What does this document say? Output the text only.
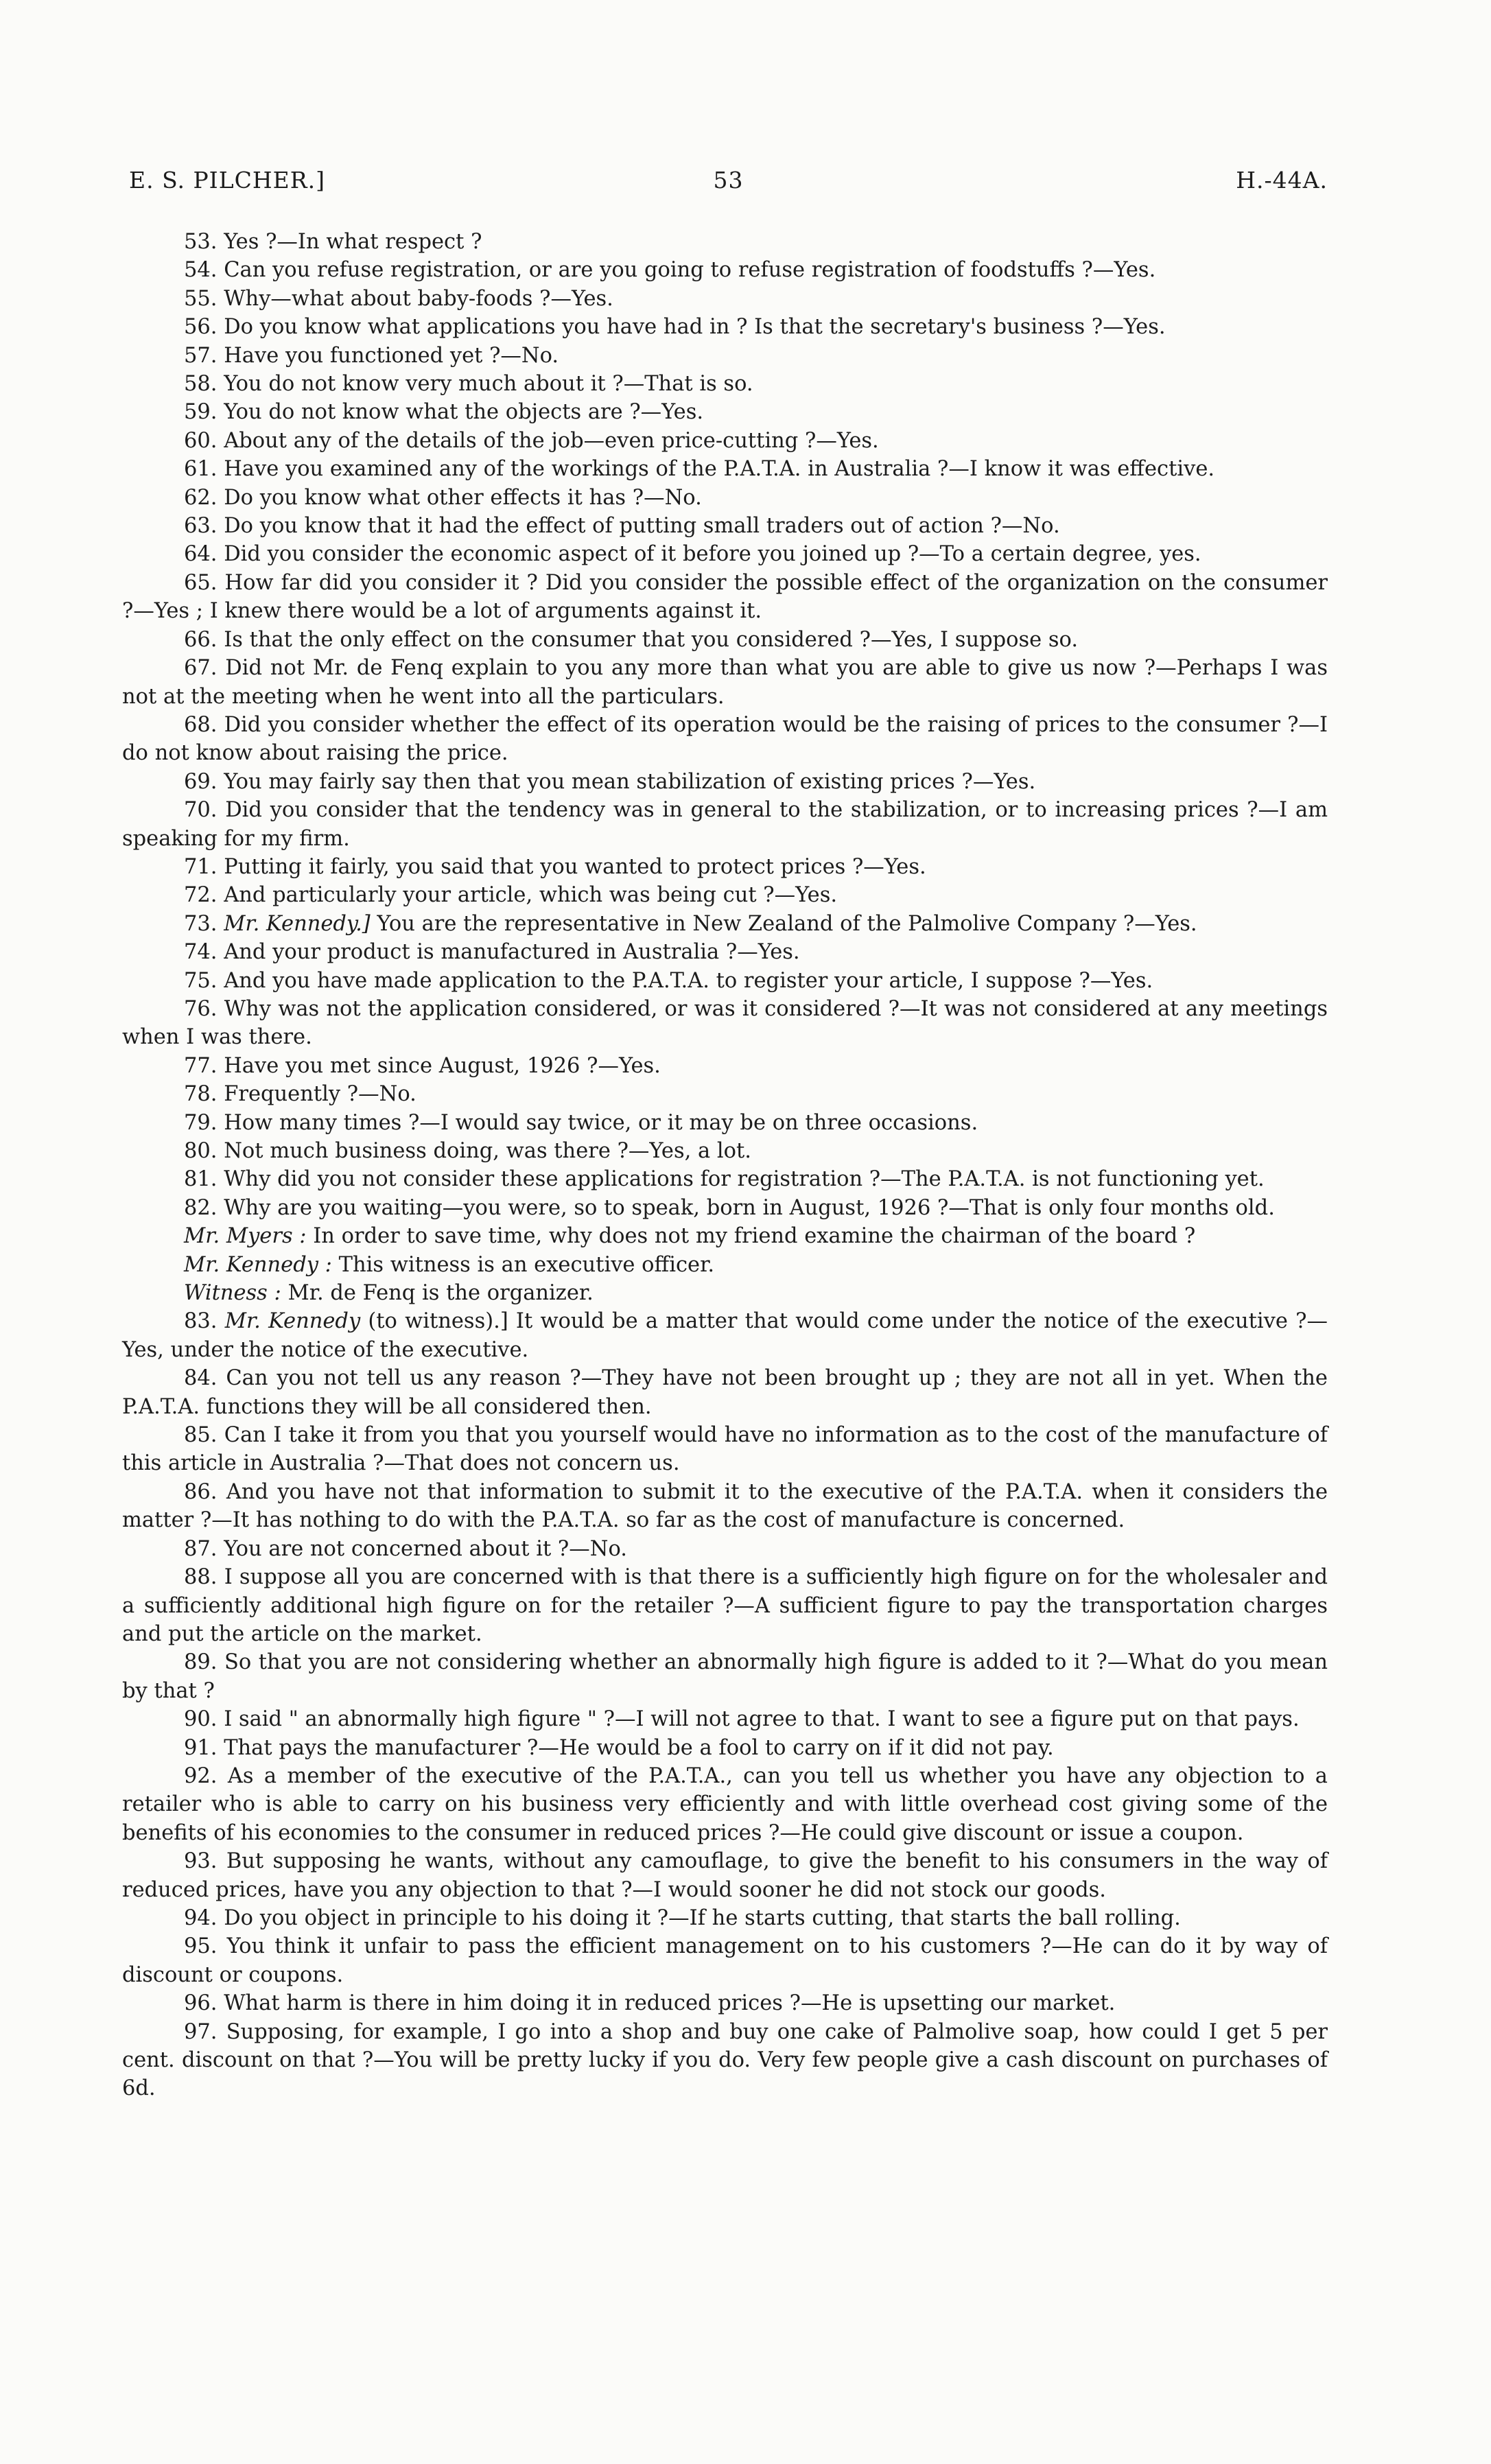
E. S. PILCHER.]	53	H.-44A.

53. Yes ?—In what respect ?

54. Can you refuse registration, or are you going to refuse registration of foodstuffs ?—Yes.

55. Why—what about baby-foods ?—Yes.

56. Do you know what applications you have had in ? Is that the secretary's business ?—Yes.

57. Have you functioned yet ?—No.

58. You do not know very much about it ?—That is so.

59. You do not know what the objects are ?—Yes.

60. About any of the details of the job—even price-cutting ?—Yes.

61. Have you examined any of the workings of the P.A.T.A. in Australia ?—I know it was effective.

62. Do you know what other effects it has ?—No.

63. Do you know that it had the effect of putting small traders out of action ?—No.

64. Did you consider the economic aspect of it before you joined up ?—To a certain degree, yes.

65. How far did you consider it ? Did you consider the possible effect of the organization on the consumer ?—Yes ; I knew there would be a lot of arguments against it.

66. Is that the only effect on the consumer that you considered ?—Yes, I suppose so.

67. Did not Mr. de Fenq explain to you any more than what you are able to give us now ?—Perhaps I was not at the meeting when he went into all the particulars.

68. Did you consider whether the effect of its operation would be the raising of prices to the consumer ?—I do not know about raising the price.

69. You may fairly say then that you mean stabilization of existing prices ?—Yes.

70. Did you consider that the tendency was in general to the stabilization, or to increasing prices ?—I am speaking for my firm.

71. Putting it fairly, you said that you wanted to protect prices ?—Yes.

72. And particularly your article, which was being cut ?—Yes.

73. Mr. Kennedy.] You are the representative in New Zealand of the Palmolive Company ?—Yes.

74. And your product is manufactured in Australia ?—Yes.

75. And you have made application to the P.A.T.A. to register your article, I suppose ?—Yes.

76. Why was not the application considered, or was it considered ?—It was not considered at any meetings when I was there.

77. Have you met since August, 1926 ?—Yes.

78. Frequently ?—No.

79. How many times ?—I would say twice, or it may be on three occasions.

80. Not much business doing, was there ?—Yes, a lot.

81. Why did you not consider these applications for registration ?—The P.A.T.A. is not functioning yet.

82. Why are you waiting—you were, so to speak, born in August, 1926 ?—That is only four months old.

Mr. Myers : In order to save time, why does not my friend examine the chairman of the board ?

Mr. Kennedy : This witness is an executive officer.

Witness : Mr. de Fenq is the organizer.

83. Mr. Kennedy (to witness).] It would be a matter that would come under the notice of the executive ?—Yes, under the notice of the executive.

84. Can you not tell us any reason ?—They have not been brought up ; they are not all in yet. When the P.A.T.A. functions they will be all considered then.

85. Can I take it from you that you yourself would have no information as to the cost of the manufacture of this article in Australia ?—That does not concern us.

86. And you have not that information to submit it to the executive of the P.A.T.A. when it considers the matter ?—It has nothing to do with the P.A.T.A. so far as the cost of manufacture is concerned.

87. You are not concerned about it ?—No.

88. I suppose all you are concerned with is that there is a sufficiently high figure on for the wholesaler and a sufficiently additional high figure on for the retailer ?—A sufficient figure to pay the transportation charges and put the article on the market.

89. So that you are not considering whether an abnormally high figure is added to it ?—What do you mean by that ?

90. I said " an abnormally high figure " ?—I will not agree to that. I want to see a figure put on that pays.

91. That pays the manufacturer ?—He would be a fool to carry on if it did not pay.

92. As a member of the executive of the P.A.T.A., can you tell us whether you have any objection to a retailer who is able to carry on his business very efficiently and with little overhead cost giving some of the benefits of his economies to the consumer in reduced prices ?—He could give discount or issue a coupon.

93. But supposing he wants, without any camouflage, to give the benefit to his consumers in the way of reduced prices, have you any objection to that ?—I would sooner he did not stock our goods.

94. Do you object in principle to his doing it ?—If he starts cutting, that starts the ball rolling.

95. You think it unfair to pass the efficient management on to his customers ?—He can do it by way of discount or coupons.

96. What harm is there in him doing it in reduced prices ?—He is upsetting our market.

97. Supposing, for example, I go into a shop and buy one cake of Palmolive soap, how could I get 5 per cent. discount on that ?—You will be pretty lucky if you do. Very few people give a cash discount on purchases of 6d.
